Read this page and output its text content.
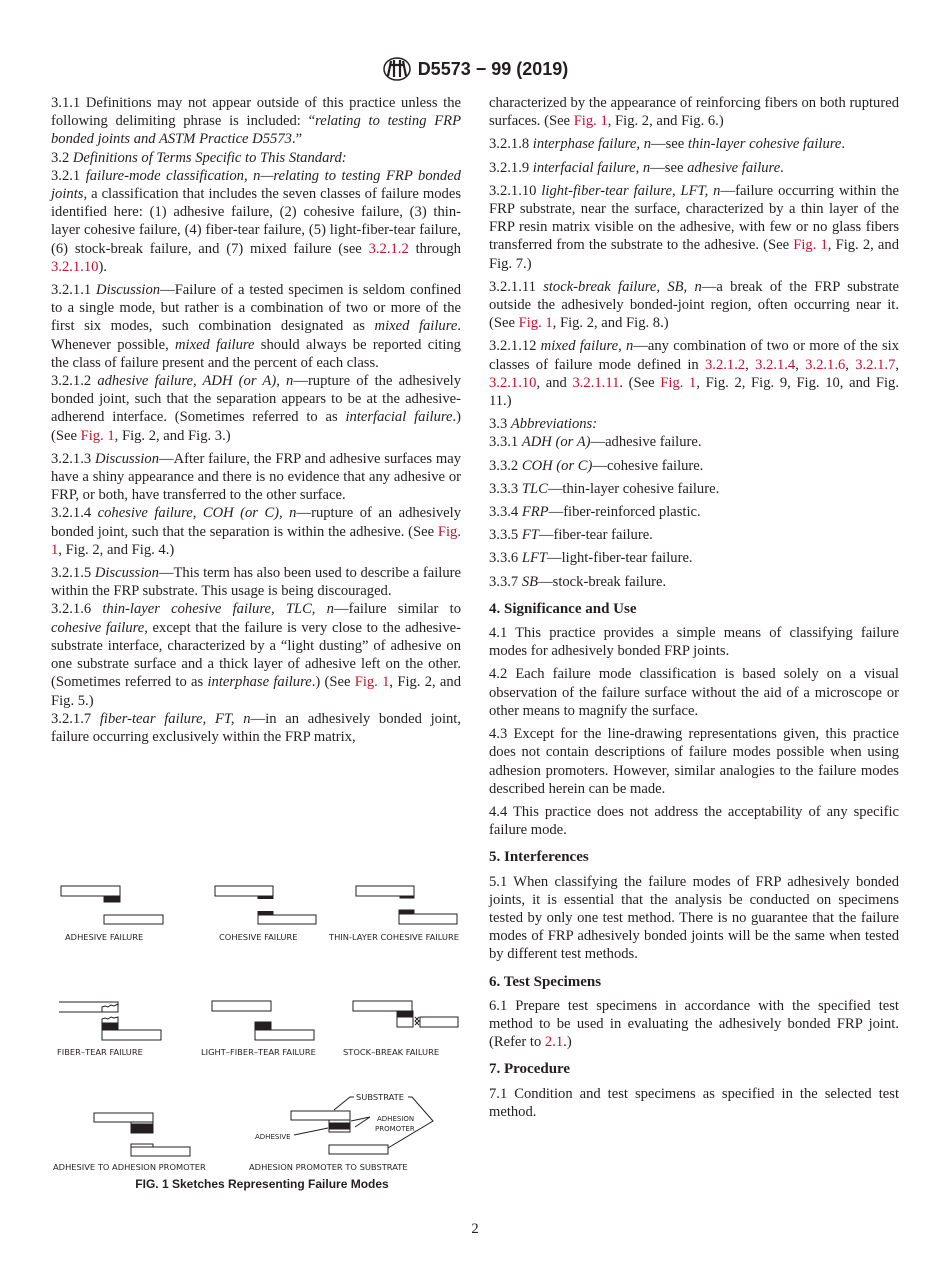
D5573 − 99 (2019)
3.1.1 Definitions may not appear outside of this practice unless the following delimiting phrase is included: “relating to testing FRP bonded joints and ASTM Practice D5573.”
3.2 Definitions of Terms Specific to This Standard:
3.2.1 failure-mode classification, n—relating to testing FRP bonded joints, a classification that includes the seven classes of failure modes identified here: (1) adhesive failure, (2) cohesive failure, (3) thin-layer cohesive failure, (4) fiber-tear failure, (5) light-fiber-tear failure, (6) stock-break failure, and (7) mixed failure (see 3.2.1.2 through 3.2.1.10).
3.2.1.1 Discussion—Failure of a tested specimen is seldom confined to a single mode, but rather is a combination of two or more of the first six modes, such combination designated as mixed failure. Whenever possible, mixed failure should always be reported citing the class of failure present and the percent of each class.
3.2.1.2 adhesive failure, ADH (or A), n—rupture of the adhesively bonded joint, such that the separation appears to be at the adhesive-adherend interface. (Sometimes referred to as interfacial failure.) (See Fig. 1, Fig. 2, and Fig. 3.)
3.2.1.3 Discussion—After failure, the FRP and adhesive surfaces may have a shiny appearance and there is no evidence that any adhesive or FRP, or both, have transferred to the other surface.
3.2.1.4 cohesive failure, COH (or C), n—rupture of an adhesively bonded joint, such that the separation is within the adhesive. (See Fig. 1, Fig. 2, and Fig. 4.)
3.2.1.5 Discussion—This term has also been used to describe a failure within the FRP substrate. This usage is being discouraged.
3.2.1.6 thin-layer cohesive failure, TLC, n—failure similar to cohesive failure, except that the failure is very close to the adhesive-substrate interface, characterized by a “light dusting” of adhesive on one substrate surface and a thick layer of adhesive left on the other. (Sometimes referred to as interphase failure.) (See Fig. 1, Fig. 2, and Fig. 5.)
3.2.1.7 fiber-tear failure, FT, n—in an adhesively bonded joint, failure occurring exclusively within the FRP matrix,
characterized by the appearance of reinforcing fibers on both ruptured surfaces. (See Fig. 1, Fig. 2, and Fig. 6.)
3.2.1.8 interphase failure, n—see thin-layer cohesive failure.
3.2.1.9 interfacial failure, n—see adhesive failure.
3.2.1.10 light-fiber-tear failure, LFT, n—failure occurring within the FRP substrate, near the surface, characterized by a thin layer of the FRP resin matrix visible on the adhesive, with few or no glass fibers transferred from the substrate to the adhesive. (See Fig. 1, Fig. 2, and Fig. 7.)
3.2.1.11 stock-break failure, SB, n—a break of the FRP substrate outside the adhesively bonded-joint region, often occurring near it. (See Fig. 1, Fig. 2, and Fig. 8.)
3.2.1.12 mixed failure, n—any combination of two or more of the six classes of failure mode defined in 3.2.1.2, 3.2.1.4, 3.2.1.6, 3.2.1.7, 3.2.1.10, and 3.2.1.11. (See Fig. 1, Fig. 2, Fig. 9, Fig. 10, and Fig. 11.)
3.3 Abbreviations:
3.3.1 ADH (or A)—adhesive failure.
3.3.2 COH (or C)—cohesive failure.
3.3.3 TLC—thin-layer cohesive failure.
3.3.4 FRP—fiber-reinforced plastic.
3.3.5 FT—fiber-tear failure.
3.3.6 LFT—light-fiber-tear failure.
3.3.7 SB—stock-break failure.
4. Significance and Use
4.1 This practice provides a simple means of classifying failure modes for adhesively bonded FRP joints.
4.2 Each failure mode classification is based solely on a visual observation of the failure surface without the aid of a microscope or other means to magnify the surface.
4.3 Except for the line-drawing representations given, this practice does not contain descriptions of failure modes possible when using adhesion promoters. However, similar analogies to the failure modes described herein can be made.
4.4 This practice does not address the acceptability of any specific failure mode.
5. Interferences
5.1 When classifying the failure modes of FRP adhesively bonded joints, it is essential that the analysis be conducted on specimens tested by only one test method. There is no guarantee that the failure modes of FRP adhesively bonded joints will be the same when tested by different test methods.
6. Test Specimens
6.1 Prepare test specimens in accordance with the specified test method to be used in evaluating the adhesively bonded FRP joint. (Refer to 2.1.)
7. Procedure
7.1 Condition and test specimens as specified in the selected test method.
ADHESIVE FAILURE	COHESIVE FAILURE	THIN-LAYER COHESIVE FAILURE
FIBER–TEAR FAILURE	LIGHT–FIBER–TEAR FAILURE	STOCK–BREAK FAILURE
ADHESIVE TO ADHESION PROMOTER	ADHESION PROMOTER TO SUBSTRATE
SUBSTRATE
ADHESION
PROMOTER
ADHESIVE
FIG. 1 Sketches Representing Failure Modes
2
